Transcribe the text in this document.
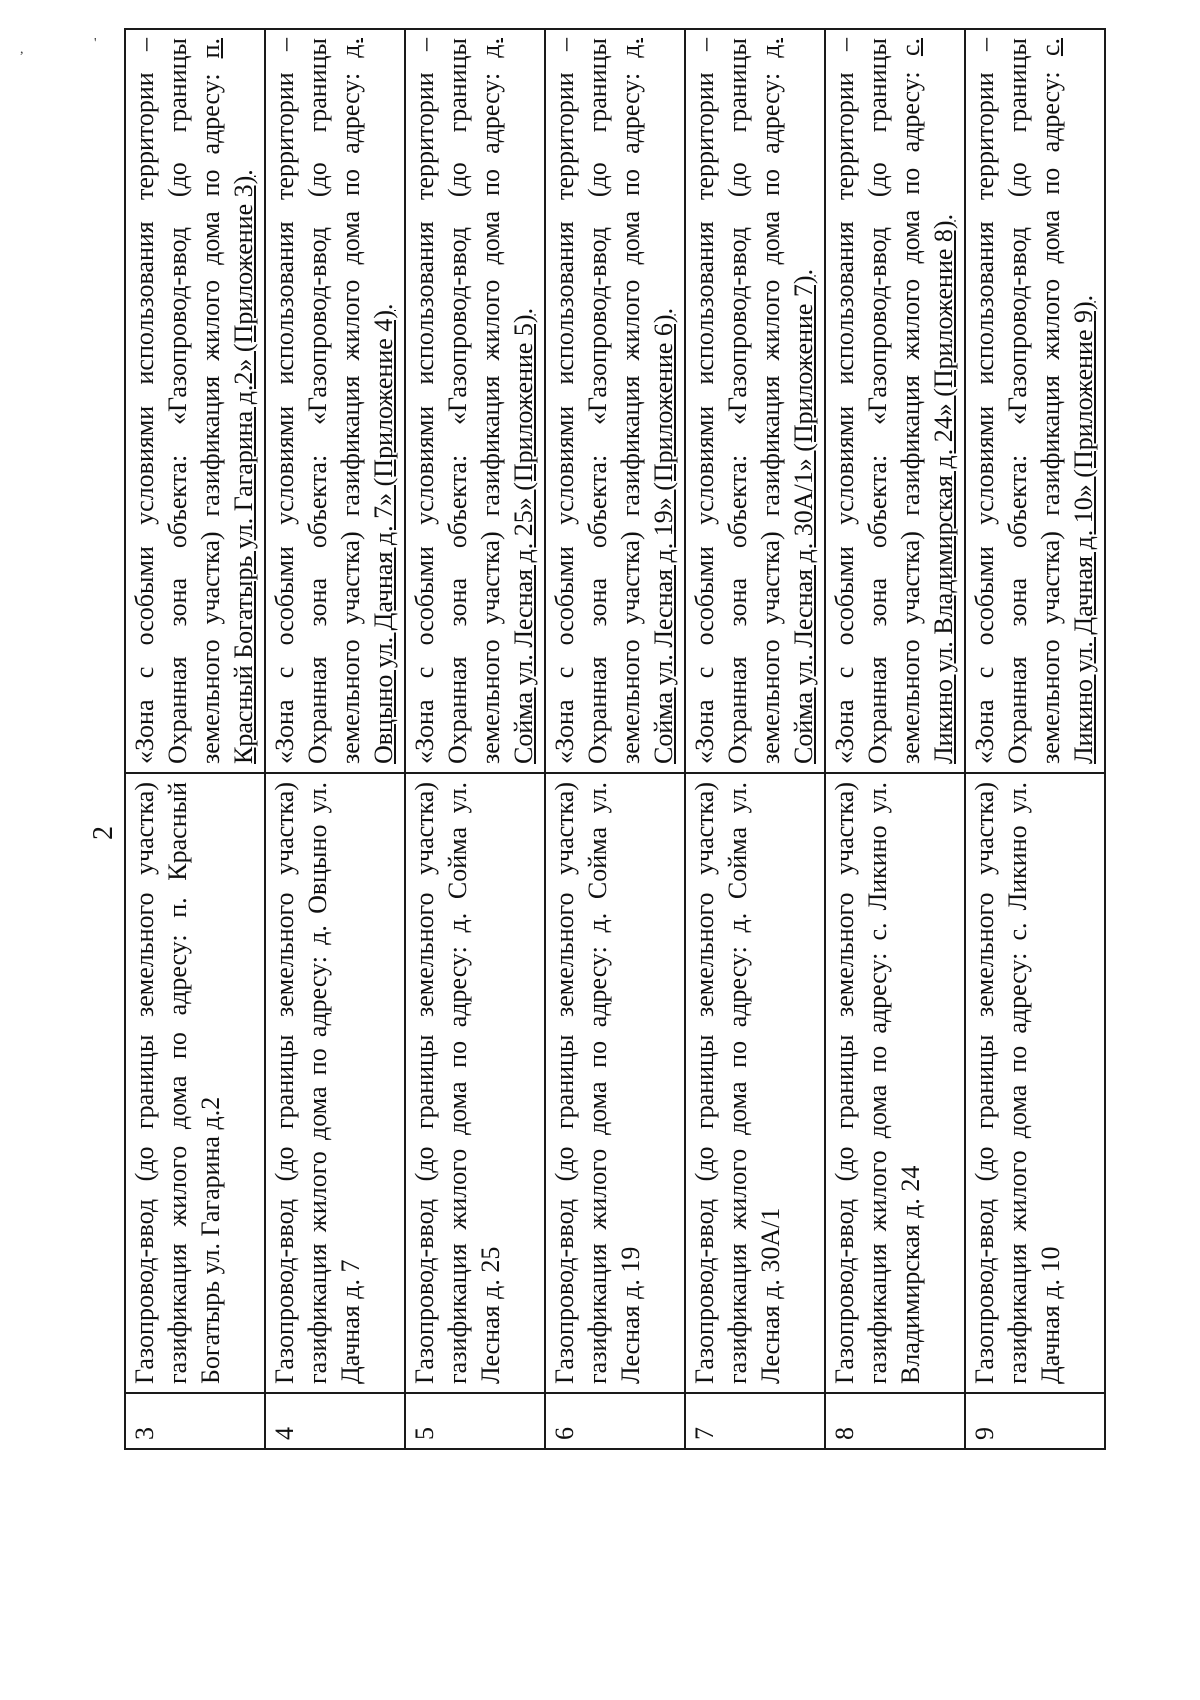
,	'
2
3	Газопровод-ввод (до границы земельного участка) газификация жилого дома по адресу: п. Красный Богатырь ул. Гагарина д.2	«Зона с особыми условиями использования территории – Охранная зона объекта: «Газопровод-ввод (до границы земельного участка) газификация жилого дома по адресу: п. Красный Богатырь ул. Гагарина д.2» (Приложение 3).
4	Газопровод-ввод (до границы земельного участка) газификация жилого дома по адресу: д. Овцыно ул. Дачная д. 7	«Зона с особыми условиями использования территории – Охранная зона объекта: «Газопровод-ввод (до границы земельного участка) газификация жилого дома по адресу: д. Овцыно ул. Дачная д. 7» (Приложение 4).
5	Газопровод-ввод (до границы земельного участка) газификация жилого дома по адресу: д. Сойма ул. Лесная д. 25	«Зона с особыми условиями использования территории – Охранная зона объекта: «Газопровод-ввод (до границы земельного участка) газификация жилого дома по адресу: д. Сойма ул. Лесная д. 25» (Приложение 5).
6	Газопровод-ввод (до границы земельного участка) газификация жилого дома по адресу: д. Сойма ул. Лесная д. 19	«Зона с особыми условиями использования территории – Охранная зона объекта: «Газопровод-ввод (до границы земельного участка) газификация жилого дома по адресу: д. Сойма ул. Лесная д. 19» (Приложение 6).
7	Газопровод-ввод (до границы земельного участка) газификация жилого дома по адресу: д. Сойма ул. Лесная д. 30А/1	«Зона с особыми условиями использования территории – Охранная зона объекта: «Газопровод-ввод (до границы земельного участка) газификация жилого дома по адресу: д. Сойма ул. Лесная д. 30А/1» (Приложение 7).
8	Газопровод-ввод (до границы земельного участка) газификация жилого дома по адресу: с. Ликино ул. Владимирская д. 24	«Зона с особыми условиями использования территории – Охранная зона объекта: «Газопровод-ввод (до границы земельного участка) газификация жилого дома по адресу: с. Ликино ул. Владимирская д. 24» (Приложение 8).
9	Газопровод-ввод (до границы земельного участка) газификация жилого дома по адресу: с. Ликино ул. Дачная д. 10	«Зона с особыми условиями использования территории – Охранная зона объекта: «Газопровод-ввод (до границы земельного участка) газификация жилого дома по адресу: с. Ликино ул. Дачная д. 10» (Приложение 9).
